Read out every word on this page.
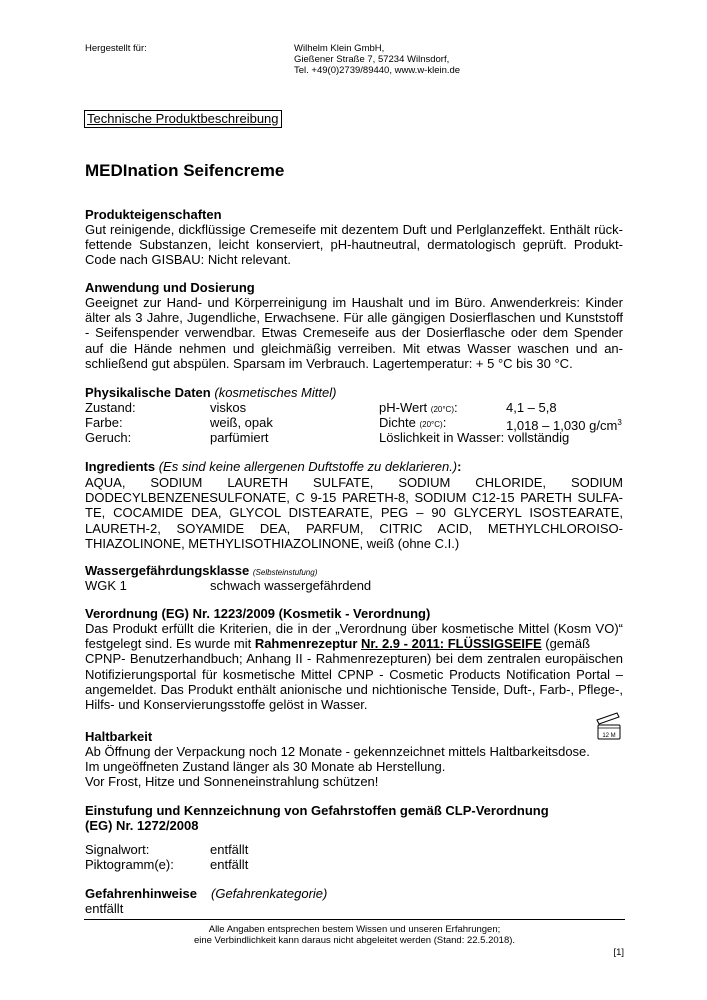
Hergestellt für:	Wilhelm Klein GmbH,
Gießener Straße 7, 57234 Wilnsdorf,
Tel. +49(0)2739/89440, www.w-klein.de
Technische Produktbeschreibung
MEDInation Seifencreme
Produkteigenschaften
Gut reinigende, dickflüssige Cremeseife mit dezentem Duft und Perlglanzeffekt. Enthält rück-
fettende Substanzen, leicht konserviert, pH-hautneutral, dermatologisch geprüft. Produkt-
Code nach GISBAU: Nicht relevant.
Anwendung und Dosierung
Geeignet zur Hand- und Körperreinigung im Haushalt und im Büro. Anwenderkreis: Kinder
älter als 3 Jahre, Jugendliche, Erwachsene. Für alle gängigen Dosierflaschen und Kunststoff
- Seifenspender verwendbar. Etwas Cremeseife aus der Dosierflasche oder dem Spender
auf die Hände nehmen und gleichmäßig verreiben. Mit etwas Wasser waschen und an-
schließend gut abspülen. Sparsam im Verbrauch. Lagertemperatur: + 5 °C bis 30 °C.
Physikalische Daten (kosmetisches Mittel)
Zustand:	viskos	pH-Wert (20°C):	4,1 – 5,8
Farbe:	weiß, opak	Dichte (20°C):	1,018 – 1,030 $g/cm^3$
Geruch:	parfümiert	Löslichkeit in Wasser: vollständig
Ingredients (Es sind keine allergenen Duftstoffe zu deklarieren.):
AQUA, SODIUM LAURETH SULFATE, SODIUM CHLORIDE, SODIUM
DODECYLBENZENESULFONATE, C 9-15 PARETH-8, SODIUM C12-15 PARETH SULFA-
TE, COCAMIDE DEA, GLYCOL DISTEARATE, PEG – 90 GLYCERYL ISOSTEARATE,
LAURETH-2, SOYAMIDE DEA, PARFUM, CITRIC ACID, METHYLCHLOROISO-
THIAZOLINONE, METHYLISOTHIAZOLINONE, weiß (ohne C.I.)
Wassergefährdungsklasse (Selbsteinstufung)
WGK 1	schwach wassergefährdend
Verordnung (EG) Nr. 1223/2009 (Kosmetik - Verordnung)
Das Produkt erfüllt die Kriterien, die in der „Verordnung über kosmetische Mittel (Kosm VO)“
festgelegt sind. Es wurde mit Rahmenrezeptur Nr. 2.9 - 2011: FLÜSSIGSEIFE (gemäß
CPNP- Benutzerhandbuch; Anhang II - Rahmenrezepturen) bei dem zentralen europäischen
Notifizierungsportal für kosmetische Mittel CPNP - Cosmetic Products Notification Portal –
angemeldet. Das Produkt enthält anionische und nichtionische Tenside, Duft-, Farb-, Pflege-,
Hilfs- und Konservierungsstoffe gelöst in Wasser.
Haltbarkeit	12 M
Ab Öffnung der Verpackung noch 12 Monate - gekennzeichnet mittels Haltbarkeitsdose.
Im ungeöffneten Zustand länger als 30 Monate ab Herstellung.
Vor Frost, Hitze und Sonneneinstrahlung schützen!
Einstufung und Kennzeichnung von Gefahrstoffen gemäß CLP-Verordnung
(EG) Nr. 1272/2008
Signalwort:	entfällt
Piktogramm(e):	entfällt
Gefahrenhinweise (Gefahrenkategorie)
entfällt
Alle Angaben entsprechen bestem Wissen und unseren Erfahrungen;
eine Verbindlichkeit kann daraus nicht abgeleitet werden (Stand: 22.5.2018).
[1]
